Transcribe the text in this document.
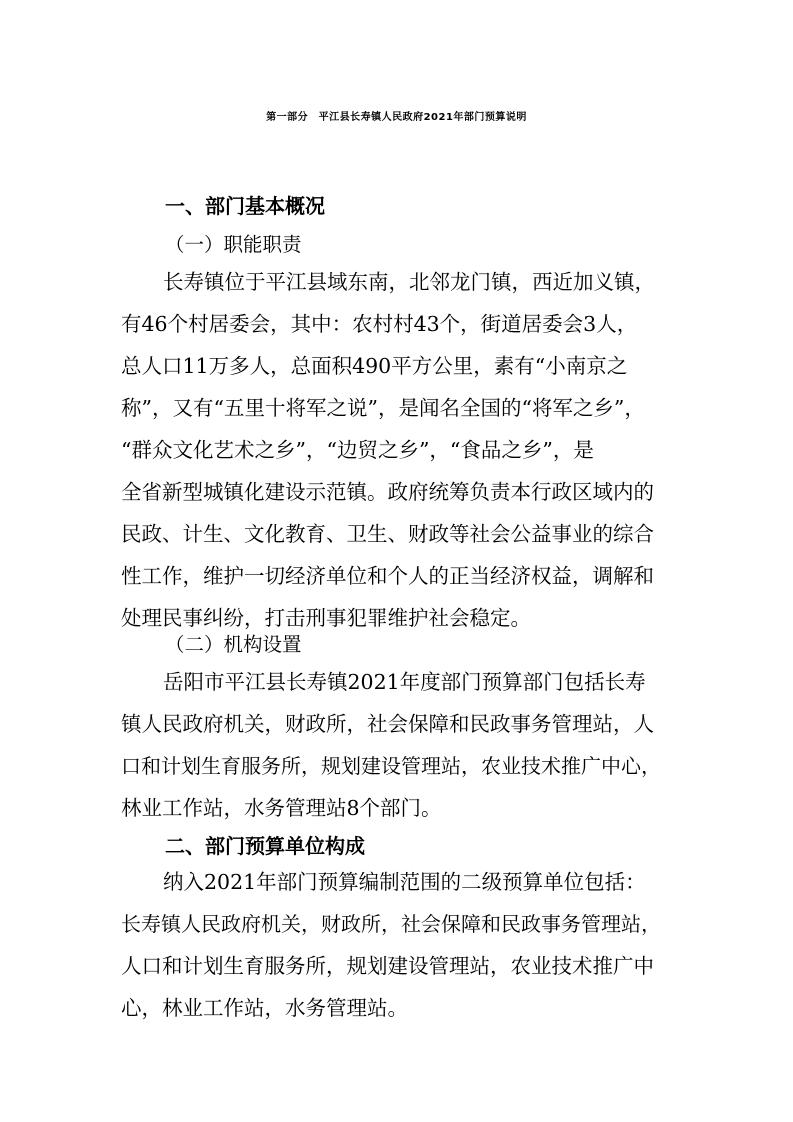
第一部分　平江县长寿镇人民政府2021年部门预算说明
一、部门基本概况
（一）职能职责
长寿镇位于平江县域东南，北邻龙门镇，西近加义镇，
有46个村居委会，其中：农村村43个，街道居委会3人，
总人口11万多人，总面积490平方公里，素有“小南京之
称”，又有“五里十将军之说”，是闻名全国的“将军之乡”，
“群众文化艺术之乡”，“边贸之乡”，“食品之乡”，是
全省新型城镇化建设示范镇。政府统筹负责本行政区域内的
民政、计生、文化教育、卫生、财政等社会公益事业的综合
性工作，维护一切经济单位和个人的正当经济权益，调解和
处理民事纠纷，打击刑事犯罪维护社会稳定。
（二）机构设置
岳阳市平江县长寿镇2021年度部门预算部门包括长寿
镇人民政府机关，财政所，社会保障和民政事务管理站，人
口和计划生育服务所，规划建设管理站，农业技术推广中心，
林业工作站，水务管理站8个部门。
二、部门预算单位构成
纳入2021年部门预算编制范围的二级预算单位包括：
长寿镇人民政府机关，财政所，社会保障和民政事务管理站，
人口和计划生育服务所，规划建设管理站，农业技术推广中
心，林业工作站，水务管理站。
